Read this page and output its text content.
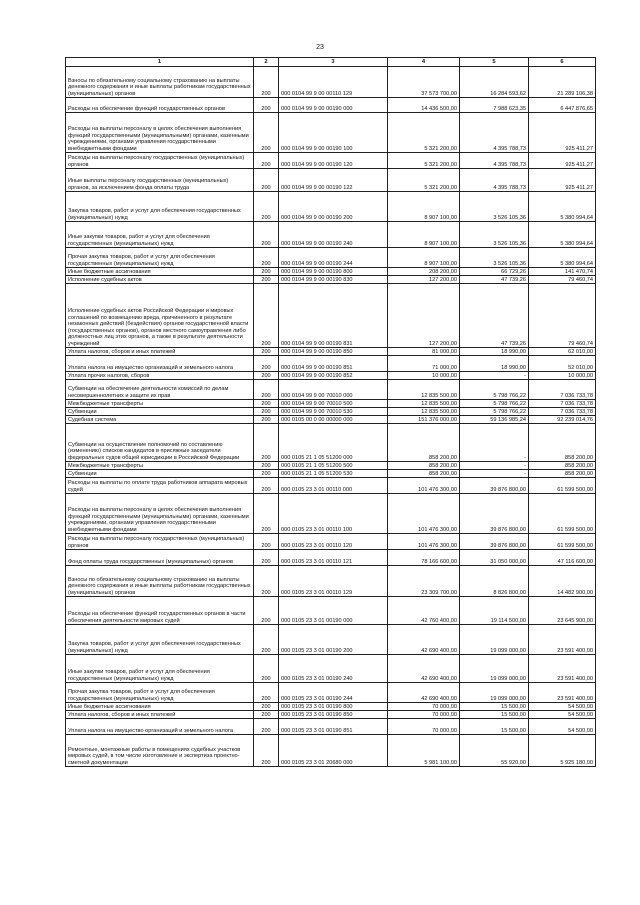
23
1	2	3	4	5	6
Взносы по обязательному социальному страхованию на выплаты денежного содержания и иные выплаты работникам государственных (муниципальных) органов	200	000 0104 99 9 00 00110 129	37 573 700,00	16 284 593,62	21 289 106,38
Расходы на обеспечение функций государственных органов	200	000 0104 99 9 00 00190 000	14 436 500,00	7 988 623,35	6 447 876,65
Расходы на выплаты персоналу в целях обеспечения выполнения функций государственными (муниципальными) органами, казенными учреждениями, органами управления государственными внебюджетными фондами	200	000 0104 99 9 00 00190 100	5 321 200,00	4 395 788,73	925 411,27
Расходы на выплаты персоналу государственных (муниципальных) органов	200	000 0104 99 9 00 00190 120	5 321 200,00	4 395 788,73	925 411,27
Иные выплаты персоналу государственных (муниципальных) органов, за исключением фонда оплаты труда	200	000 0104 99 9 00 00190 122	5 321 200,00	4 395 788,73	925 411,27
Закупка товаров, работ и услуг для обеспечения государственных (муниципальных) нужд	200	000 0104 99 9 00 00190 200	8 907 100,00	3 526 105,36	5 380 994,64
Иные закупки товаров, работ и услуг для обеспечения государственных (муниципальных) нужд	200	000 0104 99 9 00 00190 240	8 907 100,00	3 526 105,36	5 380 994,64
Прочая закупка товаров, работ и услуг для обеспечения государственных (муниципальных) нужд	200	000 0104 99 9 00 00190 244	8 907 100,00	3 526 105,36	5 380 994,64
Иные бюджетные ассигнования	200	000 0104 99 9 00 00190 800	208 200,00	66 729,26	141 470,74
Исполнение судебных актов	200	000 0104 99 9 00 00190 830	127 200,00	47 739,26	79 460,74
Исполнение судебных актов Российской Федерации и мировых соглашений по возмещению вреда, причиненного в результате незаконных действий (бездействия) органов государственной власти (государственных органов), органов местного самоуправления либо должностных лиц этих органов, а также в результате деятельности учреждений	200	000 0104 99 9 00 00190 831	127 200,00	47 739,26	79 460,74
Уплата налогов, сборов и иных платежей	200	000 0104 99 9 00 00190 850	81 000,00	18 990,00	62 010,00
Уплата налога на имущество организаций и земельного налога	200	000 0104 99 9 00 00190 851	71 000,00	18 990,00	52 010,00
Уплата прочих налогов, сборов	200	000 0104 99 9 00 00190 852	10 000,00	-	10 000,00
Субвенции на обеспечение деятельности комиссий по делам несовершеннолетних и защите их прав	200	000 0104 99 9 00 70010 000	12 835 500,00	5 798 766,22	7 036 733,78
Межбюджетные трансферты	200	000 0104 99 9 00 70010 500	12 835 500,00	5 798 766,22	7 036 733,78
Субвенции	200	000 0104 99 9 00 70010 530	12 835 500,00	5 798 766,22	7 036 733,78
Судебная система	200	000 0105 00 0 00 00000 000	151 376 000,00	59 136 985,24	92 239 014,76
Субвенции на осуществление полномочий по составлению (изменению) списков кандидатов в присяжные заседатели федеральных судов общей юрисдикции в Российской Федерации	200	000 0105 21 1 05 51200 000	858 200,00	-	858 200,00
Межбюджетные трансферты	200	000 0105 21 1 05 51200 500	858 200,00	-	858 200,00
Субвенции	200	000 0105 21 1 05 51200 530	858 200,00	-	858 200,00
Расходы на выплаты по оплате труда работников аппарата мировых судей	200	000 0105 23 3 01 00110 000	101 476 300,00	39 876 800,00	61 599 500,00
Расходы на выплаты персоналу в целях обеспечения выполнения функций государственными (муниципальными) органами, казенными учреждениями, органами управления государственными внебюджетными фондами	200	000 0105 23 3 01 00110 100	101 476 300,00	39 876 800,00	61 599 500,00
Расходы на выплаты персоналу государственных (муниципальных) органов	200	000 0105 23 3 01 00110 120	101 476 300,00	39 876 800,00	61 599 500,00
Фонд оплаты труда государственных (муниципальных) органов	200	000 0105 23 3 01 00110 121	78 166 600,00	31 050 000,00	47 116 600,00
Взносы по обязательному социальному страхованию на выплаты денежного содержания и иные выплаты работникам государственных (муниципальных) органов	200	000 0105 23 3 01 00110 129	23 309 700,00	8 826 800,00	14 482 900,00
Расходы на обеспечение функций государственных органов в части обеспечения деятельности мировых судей	200	000 0105 23 3 01 00190 000	42 760 400,00	19 114 500,00	23 645 900,00
Закупка товаров, работ и услуг для обеспечения государственных (муниципальных) нужд	200	000 0105 23 3 01 00190 200	42 690 400,00	19 099 000,00	23 591 400,00
Иные закупки товаров, работ и услуг для обеспечения государственных (муниципальных) нужд	200	000 0105 23 3 01 00190 240	42 690 400,00	19 099 000,00	23 591 400,00
Прочая закупка товаров, работ и услуг для обеспечения государственных (муниципальных) нужд	200	000 0105 23 3 01 00190 244	42 690 400,00	19 099 000,00	23 591 400,00
Иные бюджетные ассигнования	200	000 0105 23 3 01 00190 800	70 000,00	15 500,00	54 500,00
Уплата налогов, сборов и иных платежей	200	000 0105 23 3 01 00190 850	70 000,00	15 500,00	54 500,00
Уплата налога на имущество организаций и земельного налога	200	000 0105 23 3 01 00190 851	70 000,00	15 500,00	54 500,00
Ремонтные, монтажные работы в помещениях судебных участков мировых судей, в том числе изготовление и экспертиза проектно-сметной документации	200	000 0105 23 3 01 20680 000	5 981 100,00	55 920,00	5 925 180,00
